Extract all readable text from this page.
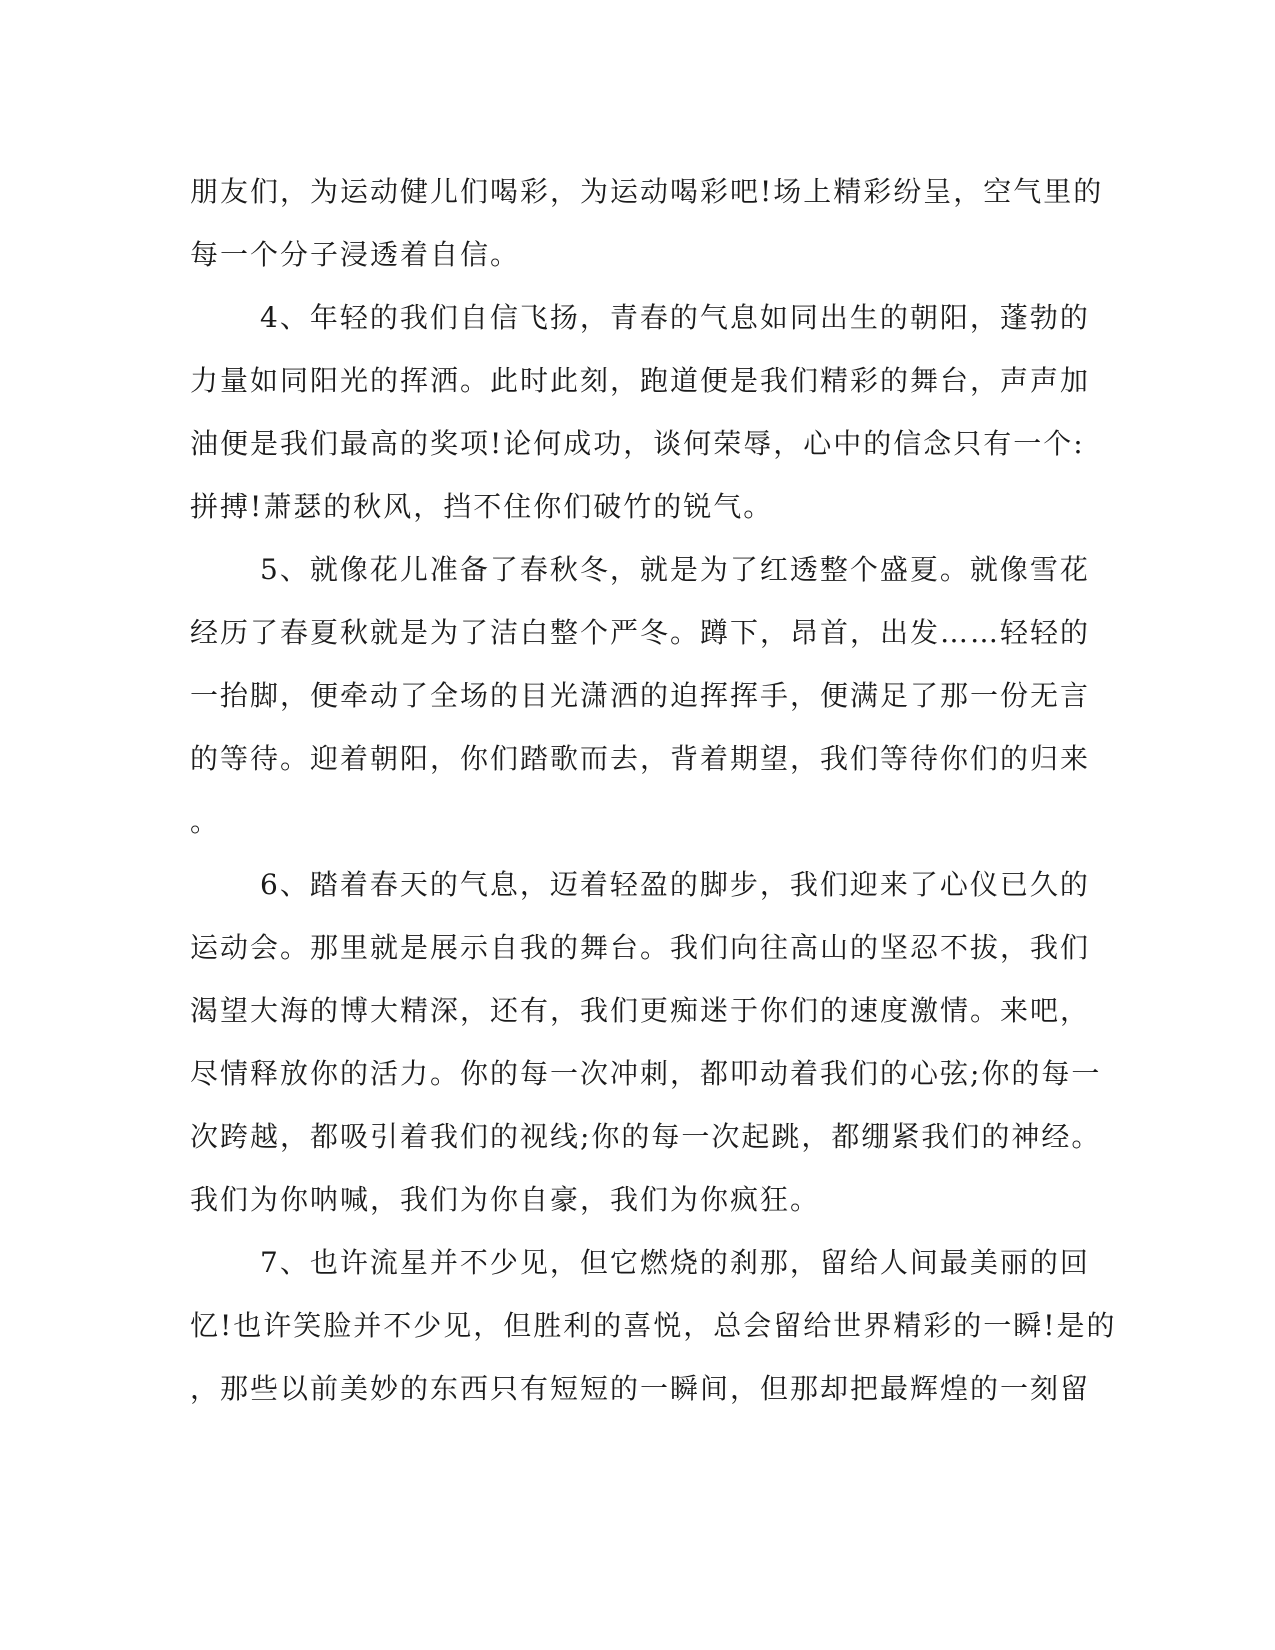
朋友们，为运动健儿们喝彩，为运动喝彩吧!场上精彩纷呈，空气里的
每一个分子浸透着自信。
4、年轻的我们自信飞扬，青春的气息如同出生的朝阳，蓬勃的
力量如同阳光的挥洒。此时此刻，跑道便是我们精彩的舞台，声声加
油便是我们最高的奖项!论何成功，谈何荣辱，心中的信念只有一个:
拼搏!萧瑟的秋风，挡不住你们破竹的锐气。
5、就像花儿准备了春秋冬，就是为了红透整个盛夏。就像雪花
经历了春夏秋就是为了洁白整个严冬。蹲下，昂首，出发……轻轻的
一抬脚，便牵动了全场的目光潇洒的迫挥挥手，便满足了那一份无言
的等待。迎着朝阳，你们踏歌而去，背着期望，我们等待你们的归来
。
6、踏着春天的气息，迈着轻盈的脚步，我们迎来了心仪已久的
运动会。那里就是展示自我的舞台。我们向往高山的坚忍不拔，我们
渴望大海的博大精深，还有，我们更痴迷于你们的速度激情。来吧，
尽情释放你的活力。你的每一次冲刺，都叩动着我们的心弦;你的每一
次跨越，都吸引着我们的视线;你的每一次起跳，都绷紧我们的神经。
我们为你呐喊，我们为你自豪，我们为你疯狂。
7、也许流星并不少见，但它燃烧的刹那，留给人间最美丽的回
忆!也许笑脸并不少见，但胜利的喜悦，总会留给世界精彩的一瞬!是的
，那些以前美妙的东西只有短短的一瞬间，但那却把最辉煌的一刻留
